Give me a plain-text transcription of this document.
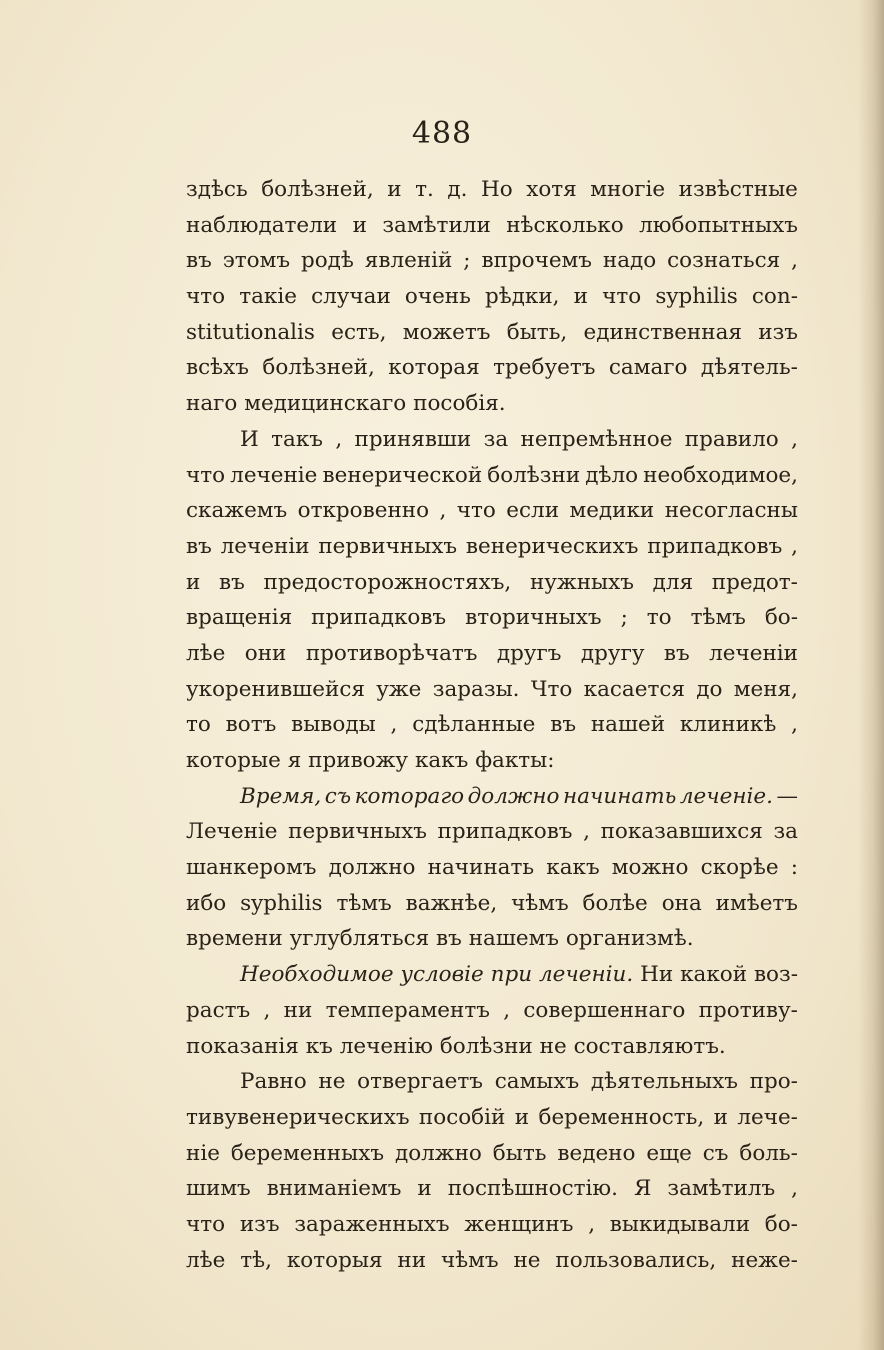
488
здѣсь болѣзней, и т. д. Но хотя многіе извѣстные
наблюдатели и замѣтили нѣсколько любопытныхъ
въ этомъ родѣ явленій ; впрочемъ надо сознаться ,
что такіе случаи очень рѣдки, и что syphilis con-
stitutionalis есть, можетъ быть, единственная изъ
всѣхъ болѣзней, которая требуетъ самаго дѣятель-
наго медицинскаго пособія.
И такъ , принявши за непремѣнное правило ,
что леченіе венерической болѣзни дѣло необходимое,
скажемъ откровенно , что если медики несогласны
въ леченіи первичныхъ венерическихъ припадковъ ,
и въ предосторожностяхъ, нужныхъ для предот-
вращенія припадковъ вторичныхъ ; то тѣмъ бо-
лѣе они противорѣчатъ другъ другу въ леченіи
укоренившейся уже заразы. Что касается до меня,
то вотъ выводы , сдѣланные въ нашей клиникѣ ,
которые я привожу какъ факты:
Время, съ котораго должно начинать леченіе. —
Леченіе первичныхъ припадковъ , показавшихся за
шанкеромъ должно начинать какъ можно скорѣе :
ибо syphilis тѣмъ важнѣе, чѣмъ болѣе она имѣетъ
времени углубляться въ нашемъ организмѣ.
Необходимое условіе при леченіи. Ни какой воз-
растъ , ни темпераментъ , совершеннаго противу-
показанія къ леченію болѣзни не составляютъ.
Равно не отвергаетъ самыхъ дѣятельныхъ про-
тивувенерическихъ пособій и беременность, и лече-
ніе беременныхъ должно быть ведено еще съ боль-
шимъ вниманіемъ и поспѣшностію. Я замѣтилъ ,
что изъ зараженныхъ женщинъ , выкидывали бо-
лѣе тѣ, которыя ни чѣмъ не пользовались, неже-
